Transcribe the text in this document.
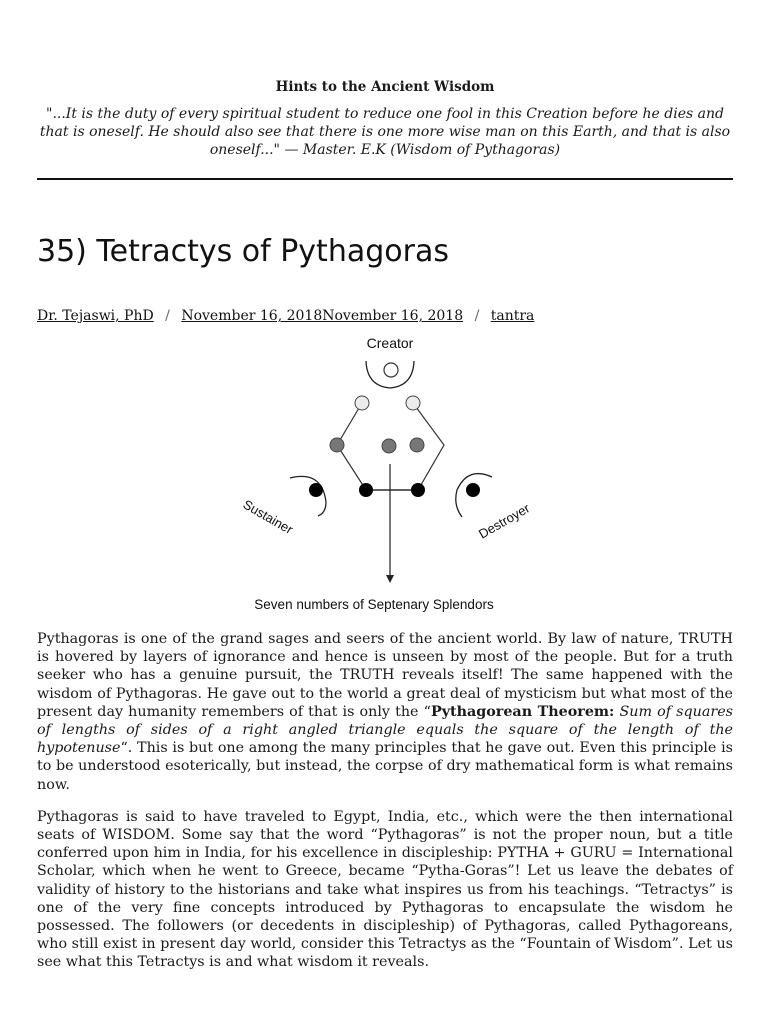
Hints to the Ancient Wisdom

"...It is the duty of every spiritual student to reduce one fool in this Creation before he dies and that is oneself. He should also see that there is one more wise man on this Earth, and that is also oneself..." — Master. E.K (Wisdom of Pythagoras)

35) Tetractys of Pythagoras
Dr. Tejaswi, PhD / November 16, 2018November 16, 2018 / tantra
Creator
Sustainer	Destroyer
Seven numbers of Septenary Splendors

Pythagoras is one of the grand sages and seers of the ancient world. By law of nature, TRUTH is hovered by layers of ignorance and hence is unseen by most of the people. But for a truth seeker who has a genuine pursuit, the TRUTH reveals itself! The same happened with the wisdom of Pythagoras. He gave out to the world a great deal of mysticism but what most of the present day humanity remembers of that is only the “Pythagorean Theorem: Sum of squares of lengths of sides of a right angled triangle equals the square of the length of the hypotenuse“. This is but one among the many principles that he gave out. Even this principle is to be understood esoterically, but instead, the corpse of dry mathematical form is what remains now.

Pythagoras is said to have traveled to Egypt, India, etc., which were the then international seats of WISDOM. Some say that the word “Pythagoras” is not the proper noun, but a title conferred upon him in India, for his excellence in discipleship: PYTHA + GURU = International Scholar, which when he went to Greece, became “Pytha-Goras”! Let us leave the debates of validity of history to the historians and take what inspires us from his teachings. “Tetractys” is one of the very fine concepts introduced by Pythagoras to encapsulate the wisdom he possessed. The followers (or decedents in discipleship) of Pythagoras, called Pythagoreans, who still exist in present day world, consider this Tetractys as the “Fountain of Wisdom”. Let us see what this Tetractys is and what wisdom it reveals.
